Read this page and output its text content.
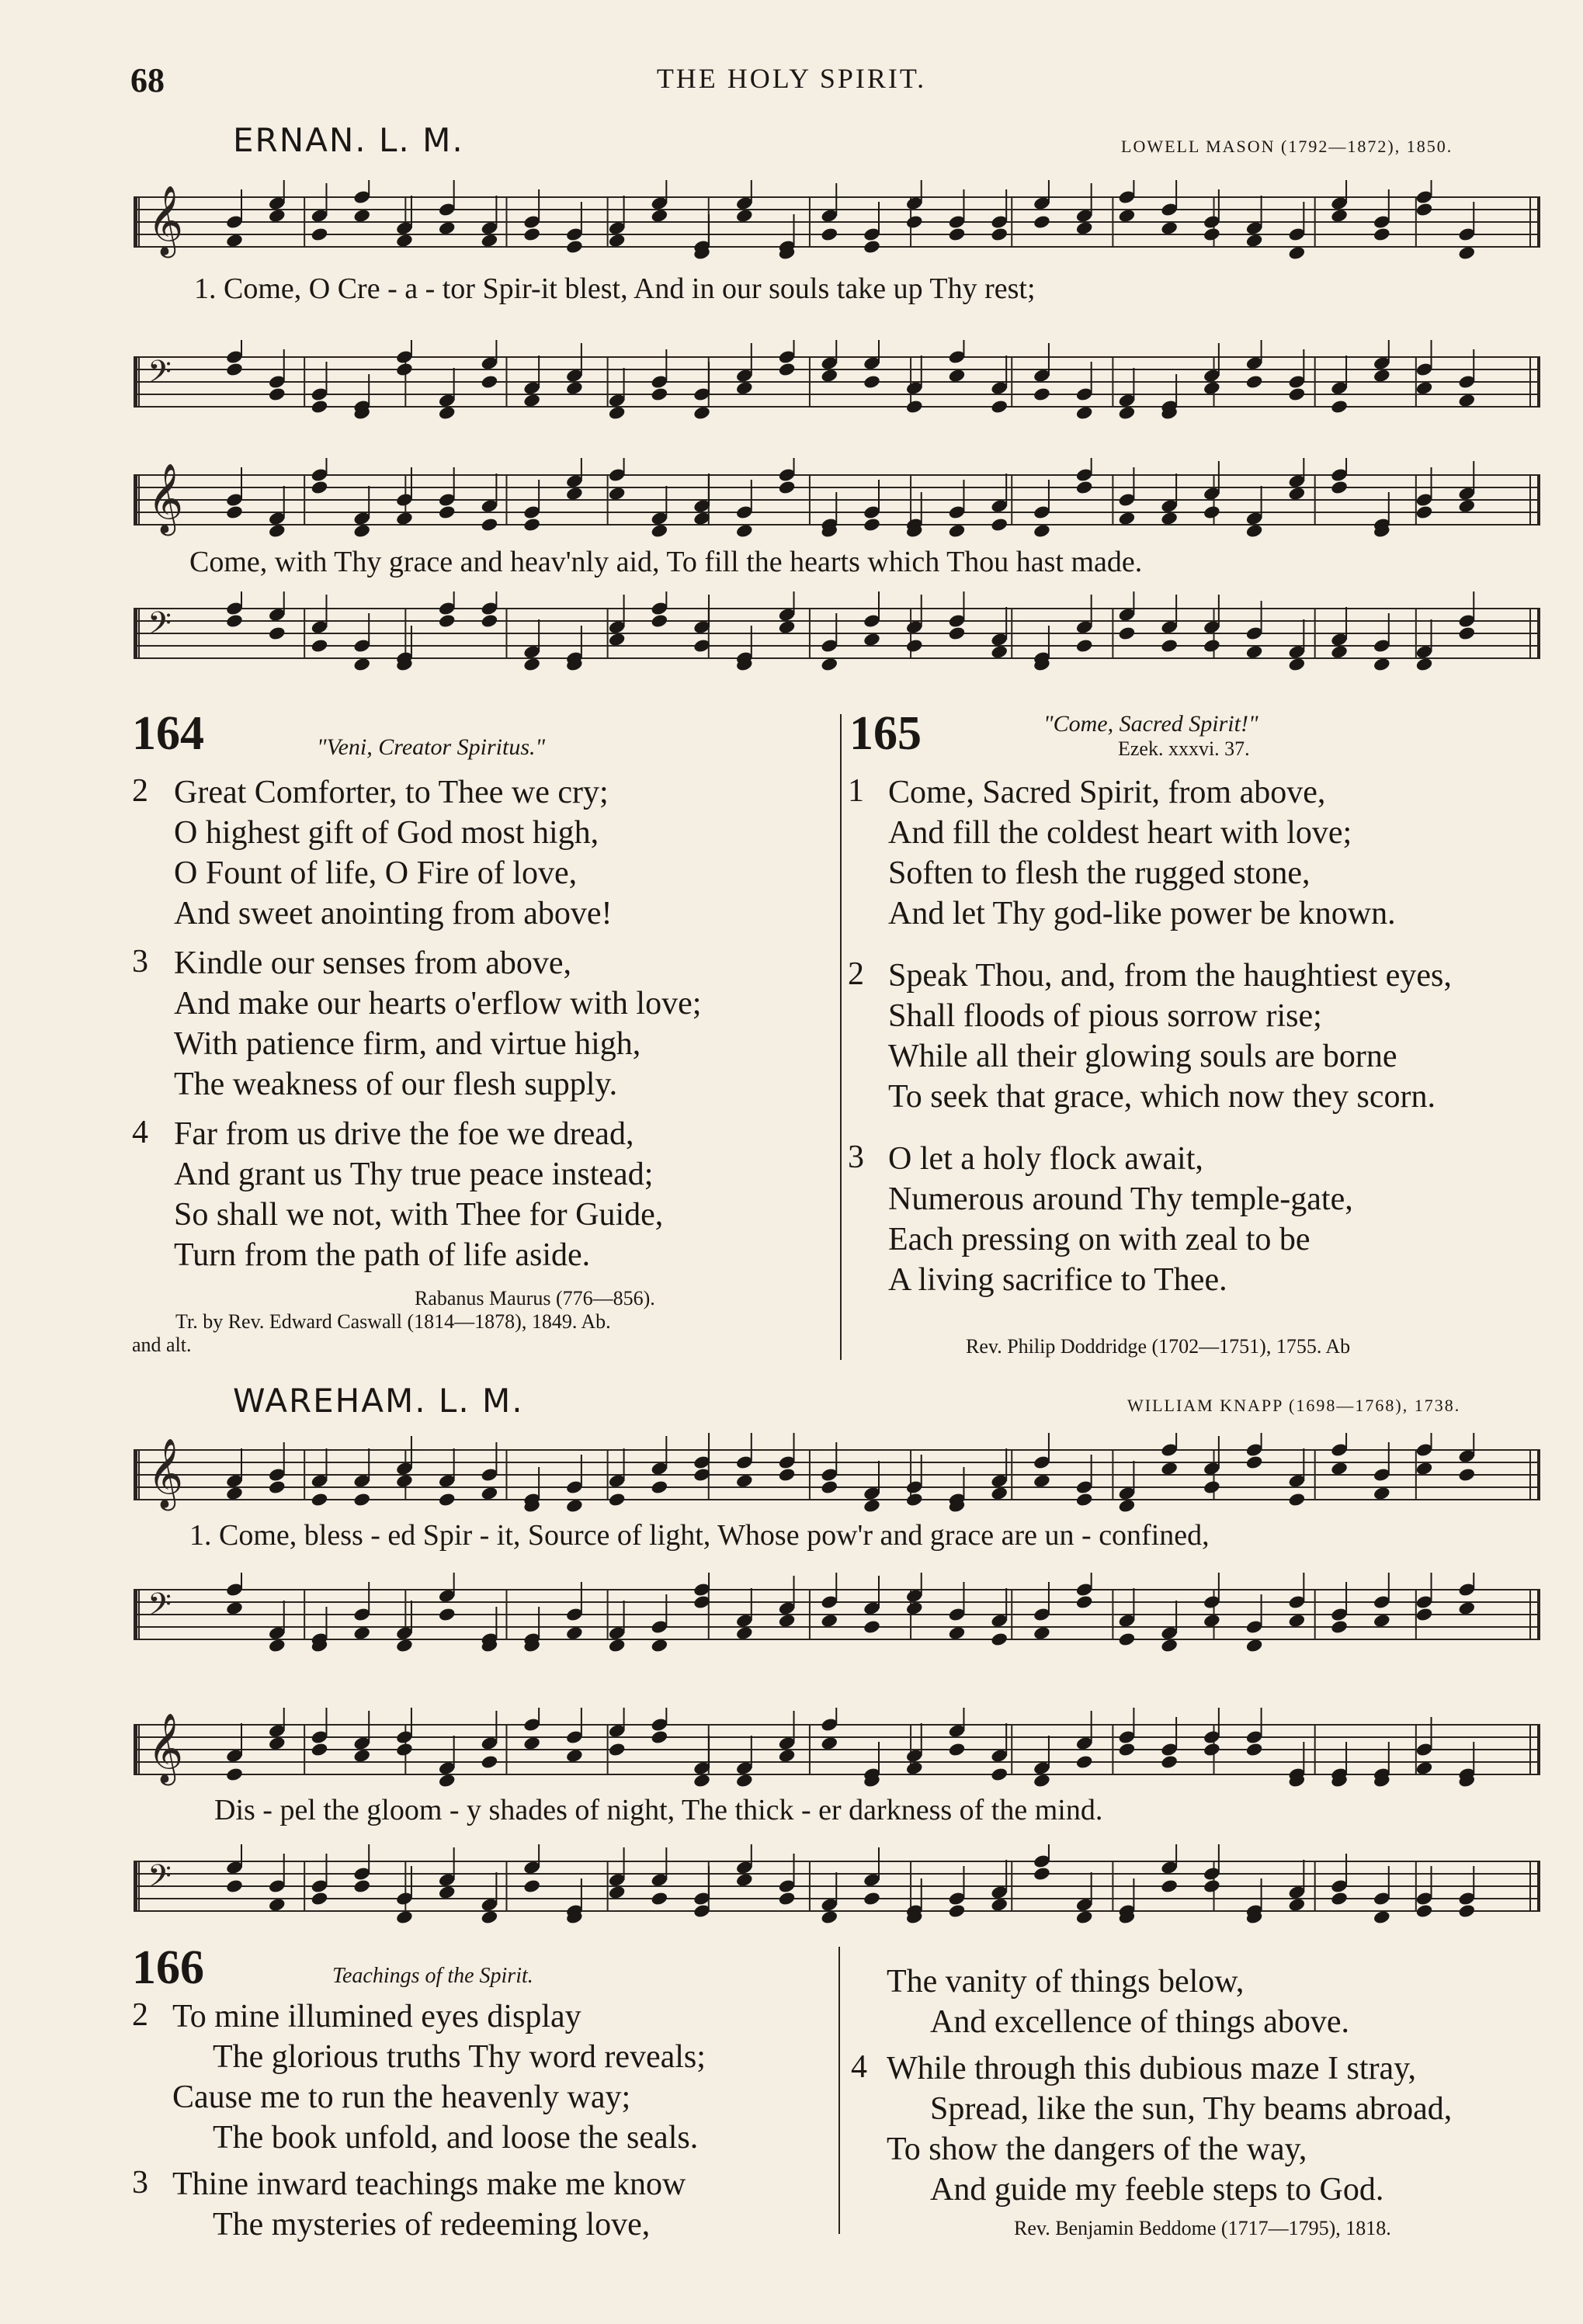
68	THE HOLY SPIRIT.
ERNAN. L. M.	LOWELL MASON (1792—1872), 1850.
𝄞
1. Come, O Cre - a - tor Spir-it blest, And in our souls take up Thy rest;
𝄢
𝄞
Come, with Thy grace and heav'nly aid, To fill the hearts which Thou hast made.
𝄢
164	"Veni, Creator Spiritus."
2 Great Comforter, to Thee we cry;
O highest gift of God most high,
O Fount of life, O Fire of love,
And sweet anointing from above!
3 Kindle our senses from above,
And make our hearts o'erflow with love;
With patience firm, and virtue high,
The weakness of our flesh supply.
4 Far from us drive the foe we dread,
And grant us Thy true peace instead;
So shall we not, with Thee for Guide,
Turn from the path of life aside.
Rabanus Maurus (776—856).
Tr. by Rev. Edward Caswall (1814—1878), 1849. Ab.
and alt.
165	"Come, Sacred Spirit!"
Ezek. xxxvi. 37.
1 Come, Sacred Spirit, from above,
And fill the coldest heart with love;
Soften to flesh the rugged stone,
And let Thy god-like power be known.
2 Speak Thou, and, from the haughtiest eyes,
Shall floods of pious sorrow rise;
While all their glowing souls are borne
To seek that grace, which now they scorn.
3 O let a holy flock await,
Numerous around Thy temple-gate,
Each pressing on with zeal to be
A living sacrifice to Thee.
Rev. Philip Doddridge (1702—1751), 1755. Ab
WAREHAM. L. M.	WILLIAM KNAPP (1698—1768), 1738.
𝄞
1. Come, bless - ed Spir - it, Source of light, Whose pow'r and grace are un - confined,
𝄢
𝄞
Dis - pel the gloom - y shades of night, The thick - er darkness of the mind.
𝄢
166	Teachings of the Spirit.
2 To mine illumined eyes display
The glorious truths Thy word reveals;
Cause me to run the heavenly way;
The book unfold, and loose the seals.
3 Thine inward teachings make me know
The mysteries of redeeming love,
The vanity of things below,
And excellence of things above.
4 While through this dubious maze I stray,
Spread, like the sun, Thy beams abroad,
To show the dangers of the way,
And guide my feeble steps to God.
Rev. Benjamin Beddome (1717—1795), 1818.
